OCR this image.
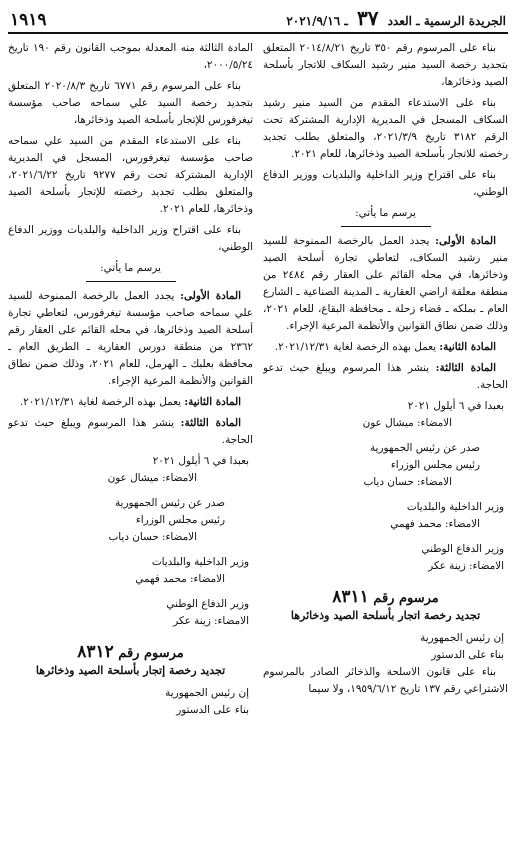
الجريدة الرسمية ـ العدد ٣٧ ـ ٢٠٢١/٩/١٦
١٩١٩

بناء على المرسوم رقم ٣٥٠ تاريخ ٢٠١٤/٨/٢١ المتعلق بتجديد رخصة السيد منير رشيد السكاف للاتجار بأسلحة الصيد وذخائرها،

بناء على الاستدعاء المقدم من السيد منير رشيد السكاف المسجل في المديرية الإدارية المشتركة تحت الرقم ٣١٨٢ تاريخ ٢٠٢١/٣/٩، والمتعلق بطلب تجديد رخصته للاتجار بأسلحة الصيد وذخائرها، للعام ٢٠٢١.

بناء على اقتراح وزير الداخلية والبلديات ووزير الدفاع الوطني،

يرسم ما يأتي:

المادة الأولى: يجدد العمل بالرخصة الممنوحة للسيد منير رشيد السكاف، لتعاطي تجارة أسلحة الصيد وذخائرها، في محله القائم على العقار رقم ٢٤٨٤ من منطقة معلقة اراضي العقارية ـ المدينة الصناعية ـ الشارع العام ـ بملكه ـ قضاء زحلة ـ محافظة البقاع، للعام ٢٠٢١، وذلك ضمن نطاق القوانين والأنظمة المرعية الإجراء.

المادة الثانية: يعمل بهذه الرخصة لغاية ٢٠٢١/١٢/٣١.

المادة الثالثة: ينشر هذا المرسوم ويبلغ حيث تدعو الحاجة.

بعبدا في ٦ أيلول ٢٠٢١

الامضاء: ميشال عون

صدر عن رئيس الجمهورية

رئيس مجلس الوزراء

الامضاء: حسان دياب

وزير الداخلية والبلديات

الامضاء: محمد فهمي

وزير الدفاع الوطني

الامضاء: زينة عكر

مرسوم رقم ٨٣١١
تجديد رخصة اتجار بأسلحة الصيد وذخائرها

إن رئيس الجمهورية

بناء على الدستور

بناء على قانون الاسلحة والذخائر الصادر بالمرسوم الاشتراعي رقم ١٣٧ تاريخ ١٩٥٩/٦/١٢، ولا سيما

المادة الثالثة منه المعدلة بموجب القانون رقم ١٩٠ تاريخ ٢٠٠٠/٥/٢٤،

بناء على المرسوم رقم ٦٧٧١ تاريخ ٢٠٢٠/٨/٣ المتعلق بتجديد رخصة السيد علي سماحه صاحب مؤسسة تيغرفورس للإتجار بأسلحة الصيد وذخائرها،

بناء على الاستدعاء المقدم من السيد علي سماحه صاحب مؤسسة تيغرفورس، المسجل في المديرية الإدارية المشتركة تحت رقم ٩٢٧٧ تاريخ ٢٠٢١/٦/٢٢، والمتعلق بطلب تجديد رخصته للإتجار بأسلحة الصيد وذخائرها، للعام ٢٠٢١.

بناء على اقتراح وزير الداخلية والبلديات ووزير الدفاع الوطني،

يرسم ما يأتي:

المادة الأولى: يجدد العمل بالرخصة الممنوحة للسيد علي سماحه صاحب مؤسسة تيغرفورس، لتعاطي تجارة أسلحة الصيد وذخائرها، في محله القائم على العقار رقم ٢٣٦٢ من منطقة دورس العقارية ـ الطريق العام ـ محافظة بعلبك ـ الهرمل، للعام ٢٠٢١، وذلك ضمن نطاق القوانين والأنظمة المرعية الإجراء.

المادة الثانية: يعمل بهذه الرخصة لغاية ٢٠٢١/١٢/٣١.

المادة الثالثة: ينشر هذا المرسوم ويبلغ حيث تدعو الحاجة.

بعبدا في ٦ أيلول ٢٠٢١

الامضاء: ميشال عون

صدر عن رئيس الجمهورية

رئيس مجلس الوزراء

الامضاء: حسان دياب

وزير الداخلية والبلديات

الامضاء: محمد فهمي

وزير الدفاع الوطني

الامضاء: زينة عكر

مرسوم رقم ٨٣١٢
تجديد رخصة إتجار بأسلحة الصيد وذخائرها

إن رئيس الجمهورية

بناء على الدستور
